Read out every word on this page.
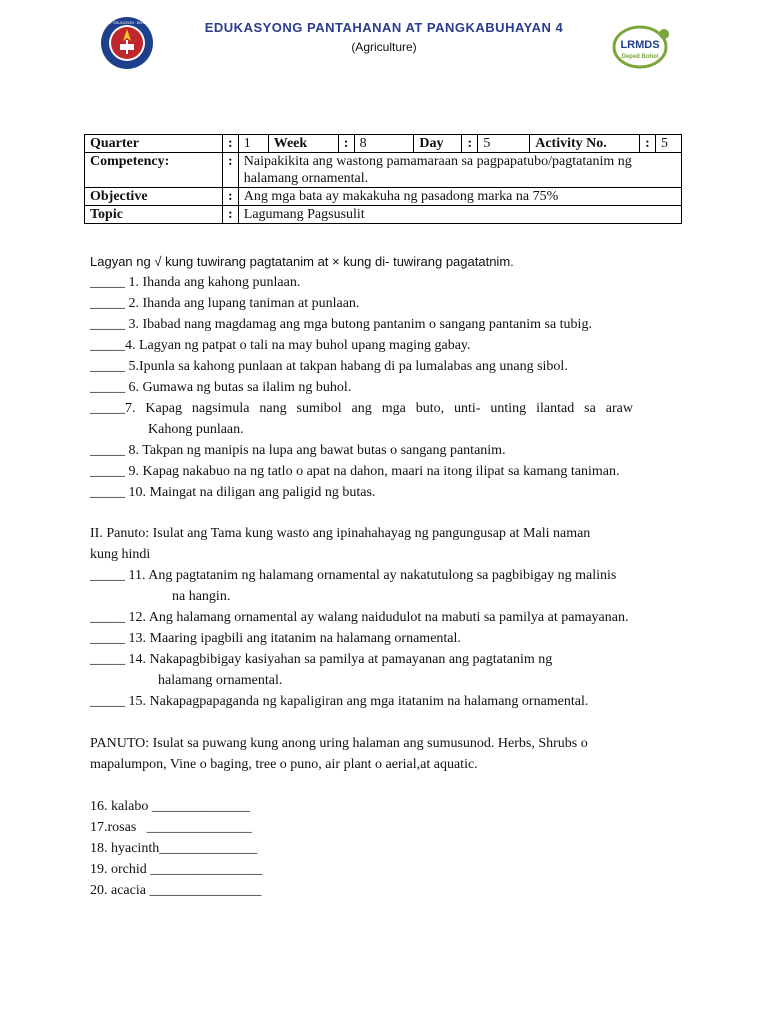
DEPARTMENT OF EDUCATION · DIVISION OF BOHOL	EDUKASYONG PANTAHANAN AT PANGKABUHAYAN 4
(Agriculture)	LRMDS
Deped Bohol
Quarter	:	1	Week	:	8	Day	:	5	Activity No.	:	5
Competency:	:	Naipakikita ang wastong pamamaraan sa pagpapatubo/pagtatanim ng halamang ornamental.									
Objective	:	Ang mga bata ay makakuha ng pasadong marka na 75%									
Topic	:	Lagumang Pagsusulit									
Lagyan ng √ kung tuwirang pagtatanim at × kung di- tuwirang pagatatnim.
_____ 1. Ihanda ang kahong punlaan.
_____ 2. Ihanda ang lupang taniman at punlaan.
_____ 3. Ibabad nang magdamag ang mga butong pantanim o sangang pantanim sa tubig.
_____4. Lagyan ng patpat o tali na may buhol upang maging gabay.
_____ 5.Ipunla sa kahong punlaan at takpan habang di pa lumalabas ang unang sibol.
_____ 6. Gumawa ng butas sa ilalim ng buhol.
_____7. Kapag nagsimula nang sumibol ang mga buto, unti- unting ilantad sa araw
Kahong punlaan.
_____ 8. Takpan ng manipis na lupa ang bawat butas o sangang pantanim.
_____ 9. Kapag nakabuo na ng tatlo o apat na dahon, maari na itong ilipat sa kamang taniman.
_____ 10. Maingat na diligan ang paligid ng butas.
II. Panuto: Isulat ang Tama kung wasto ang ipinahahayag ng pangungusap at Mali naman
kung hindi
_____ 11. Ang pagtatanim ng halamang ornamental ay nakatutulong sa pagbibigay ng malinis
na hangin.
_____ 12. Ang halamang ornamental ay walang naidudulot na mabuti sa pamilya at pamayanan.
_____ 13. Maaring ipagbili ang itatanim na halamang ornamental.
_____ 14. Nakapagbibigay kasiyahan sa pamilya at pamayanan ang pagtatanim ng
halamang ornamental.
_____ 15. Nakapagpapaganda ng kapaligiran ang mga itatanim na halamang ornamental.
PANUTO: Isulat sa puwang kung anong uring halaman ang sumusunod. Herbs, Shrubs o
mapalumpon, Vine o baging, tree o puno, air plant o aerial,at aquatic.
16. kalabo ______________
17.rosas   _______________
18. hyacinth______________
19. orchid ________________
20. acacia ________________
